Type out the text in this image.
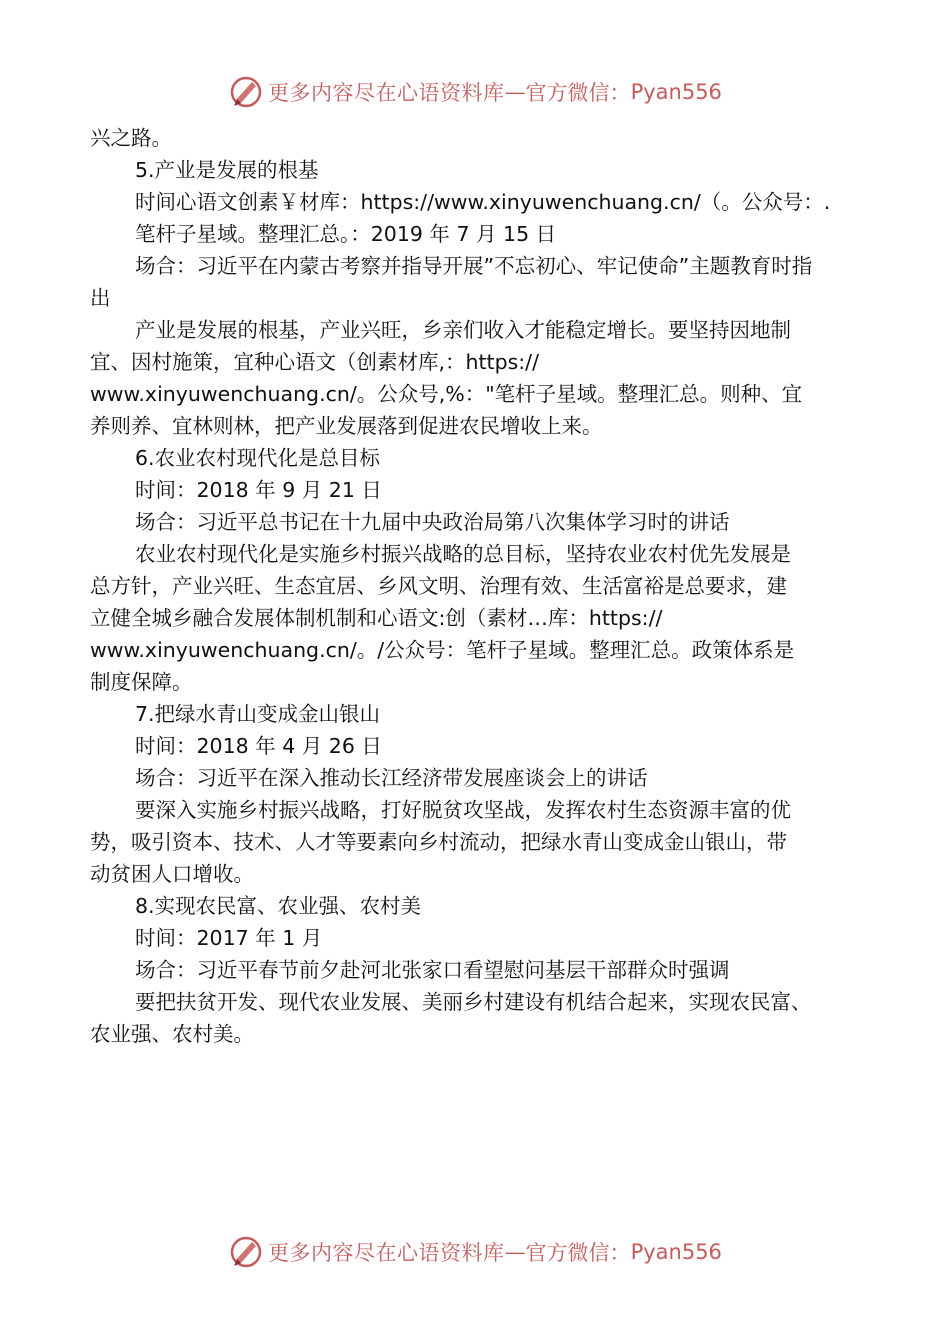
更多内容尽在心语资料库 — 官方微信： Pyan556
兴之路。
5.产业是发展的根基
时间心语文创素￥材库：https://www.xinyuwenchuang.cn/（。公众号：.
笔杆子星域。整理汇总。：2019 年 7 月 15 日
场合：习近平在内蒙古考察并指导开展”不忘初心、牢记使命”主题教育时指
出
产业是发展的根基，产业兴旺，乡亲们收入才能稳定增长。要坚持因地制
宜、因村施策，宜种心语文（创素材库,：https://
www.xinyuwenchuang.cn/。公众号,%："笔杆子星域。整理汇总。则种、宜
养则养、宜林则林，把产业发展落到促进农民增收上来。
6.农业农村现代化是总目标
时间：2018 年 9 月 21 日
场合：习近平总书记在十九届中央政治局第八次集体学习时的讲话
农业农村现代化是实施乡村振兴战略的总目标，坚持农业农村优先发展是
总方针，产业兴旺、生态宜居、乡风文明、治理有效、生活富裕是总要求，建
立健全城乡融合发展体制机制和心语文:创（素材…库：https://
www.xinyuwenchuang.cn/。/公众号：笔杆子星域。整理汇总。政策体系是
制度保障。
7.把绿水青山变成金山银山
时间：2018 年 4 月 26 日
场合：习近平在深入推动长江经济带发展座谈会上的讲话
要深入实施乡村振兴战略，打好脱贫攻坚战，发挥农村生态资源丰富的优
势，吸引资本、技术、人才等要素向乡村流动，把绿水青山变成金山银山，带
动贫困人口增收。
8.实现农民富、农业强、农村美
时间：2017 年 1 月
场合：习近平春节前夕赴河北张家口看望慰问基层干部群众时强调
要把扶贫开发、现代农业发展、美丽乡村建设有机结合起来，实现农民富、
农业强、农村美。
更多内容尽在心语资料库 — 官方微信： Pyan556
